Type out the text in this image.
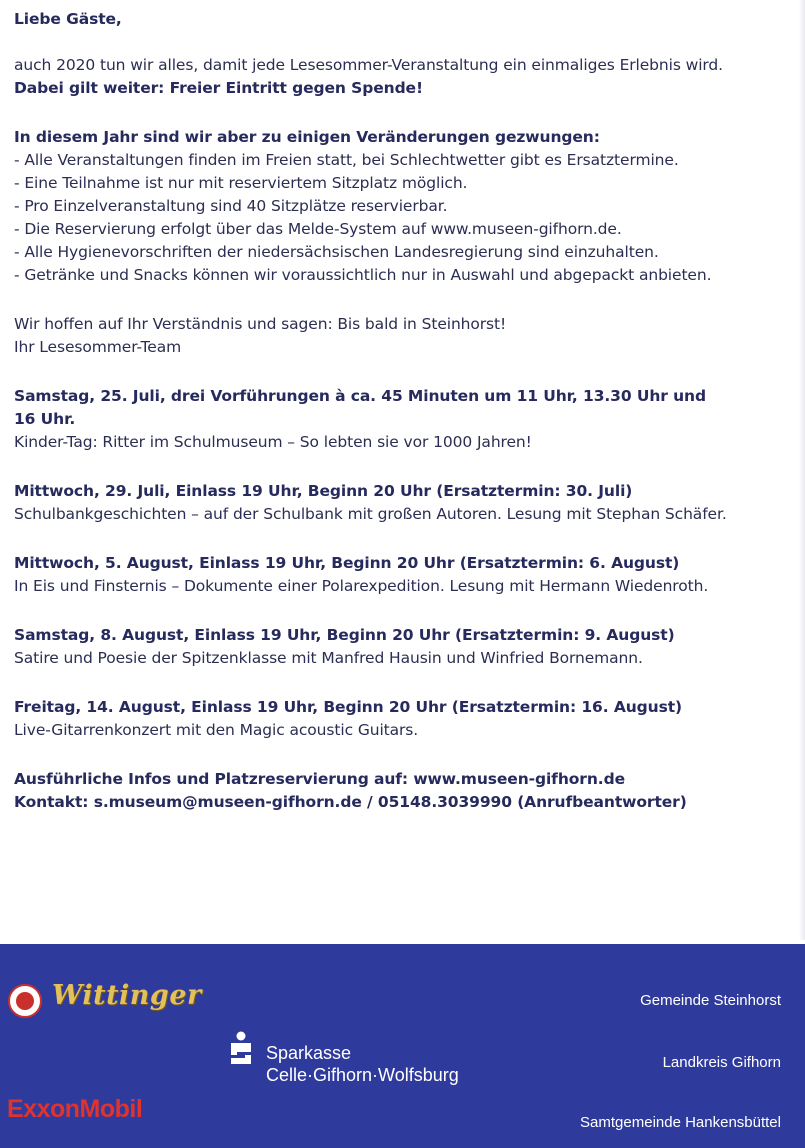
Liebe Gäste,
auch 2020 tun wir alles, damit jede Lesesommer-Veranstaltung ein einmaliges Erlebnis wird.
Dabei gilt weiter: Freier Eintritt gegen Spende!
In diesem Jahr sind wir aber zu einigen Veränderungen gezwungen:
- Alle Veranstaltungen finden im Freien statt, bei Schlechtwetter gibt es Ersatztermine.
- Eine Teilnahme ist nur mit reserviertem Sitzplatz möglich.
- Pro Einzelveranstaltung sind 40 Sitzplätze reservierbar.
- Die Reservierung erfolgt über das Melde-System auf www.museen-gifhorn.de.
- Alle Hygienevorschriften der niedersächsischen Landesregierung sind einzuhalten.
- Getränke und Snacks können wir voraussichtlich nur in Auswahl und abgepackt anbieten.
Wir hoffen auf Ihr Verständnis und sagen: Bis bald in Steinhorst!
Ihr Lesesommer-Team
Samstag, 25. Juli, drei Vorführungen à ca. 45 Minuten um 11 Uhr, 13.30 Uhr und
16 Uhr.
Kinder-Tag: Ritter im Schulmuseum – So lebten sie vor 1000 Jahren!
Mittwoch, 29. Juli, Einlass 19 Uhr, Beginn 20 Uhr (Ersatztermin: 30. Juli)
Schulbankgeschichten – auf der Schulbank mit großen Autoren. Lesung mit Stephan Schäfer.
Mittwoch, 5. August, Einlass 19 Uhr, Beginn 20 Uhr (Ersatztermin: 6. August)
In Eis und Finsternis – Dokumente einer Polarexpedition. Lesung mit Hermann Wiedenroth.
Samstag, 8. August, Einlass 19 Uhr, Beginn 20 Uhr (Ersatztermin: 9. August)
Satire und Poesie der Spitzenklasse mit Manfred Hausin und Winfried Bornemann.
Freitag, 14. August, Einlass 19 Uhr, Beginn 20 Uhr (Ersatztermin: 16. August)
Live-Gitarrenkonzert mit den Magic acoustic Guitars.
Ausführliche Infos und Platzreservierung auf: www.museen-gifhorn.de
Kontakt: s.museum@museen-gifhorn.de / 05148.3039990 (Anrufbeantworter)
Wittinger
Sparkasse
Celle·Gifhorn·Wolfsburg
ExxonMobil
Gemeinde Steinhorst
Landkreis Gifhorn
Samtgemeinde Hankensbüttel
